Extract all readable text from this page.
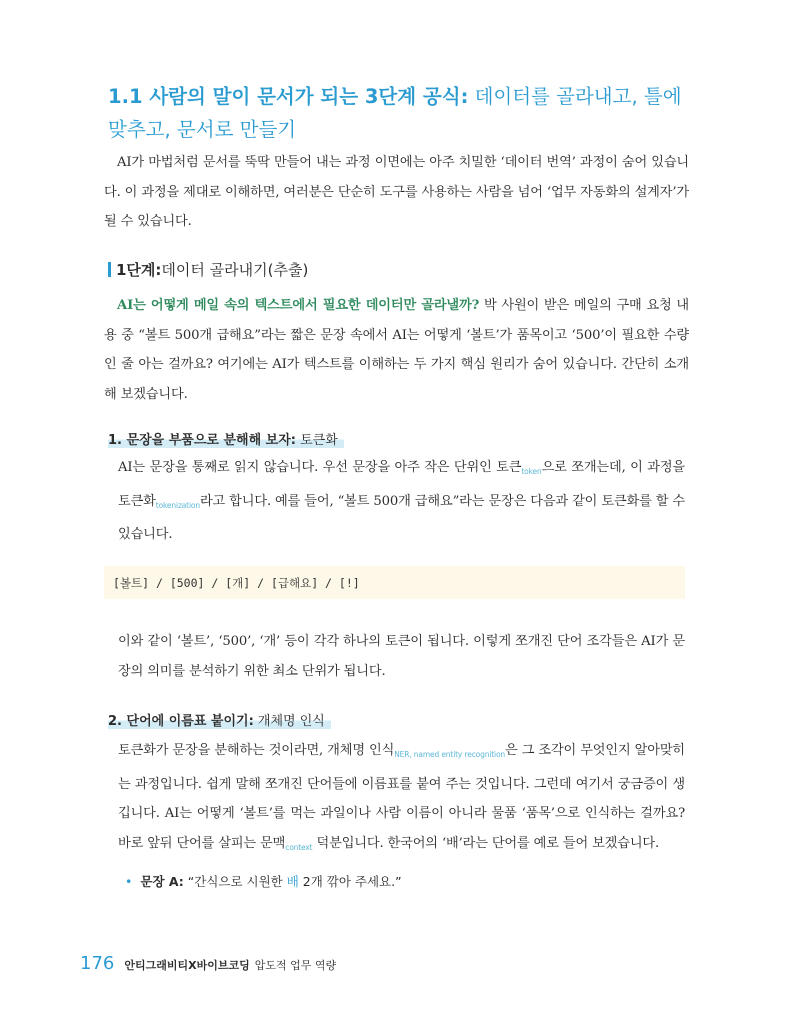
1.1 사람의 말이 문서가 되는 3단계 공식: 데이터를 골라내고, 틀에 맞추고, 문서로 만들기
AI가 마법처럼 문서를 뚝딱 만들어 내는 과정 이면에는 아주 치밀한 ‘데이터 번역’ 과정이 숨어 있습니다. 이 과정을 제대로 이해하면, 여러분은 단순히 도구를 사용하는 사람을 넘어 ‘업무 자동화의 설계자’가 될 수 있습니다.
1단계: 데이터 골라내기(추출)
AI는 어떻게 메일 속의 텍스트에서 필요한 데이터만 골라낼까? 박 사원이 받은 메일의 구매 요청 내용 중 “볼트 500개 급해요”라는 짧은 문장 속에서 AI는 어떻게 ‘볼트’가 품목이고 ‘500’이 필요한 수량인 줄 아는 걸까요? 여기에는 AI가 텍스트를 이해하는 두 가지 핵심 원리가 숨어 있습니다. 간단히 소개해 보겠습니다.
1. 문장을 부품으로 분해해 보자: 토큰화
AI는 문장을 통째로 읽지 않습니다. 우선 문장을 아주 작은 단위인 토큰$_{token}$으로 쪼개는데, 이 과정을 토큰화$_{tokenization}$라고 합니다. 예를 들어, “볼트 500개 급해요”라는 문장은 다음과 같이 토큰화를 할 수 있습니다.
[볼트] / [500] / [개] / [급해요] / [!]
이와 같이 ‘볼트’, ‘500’, ‘개’ 등이 각각 하나의 토큰이 됩니다. 이렇게 쪼개진 단어 조각들은 AI가 문장의 의미를 분석하기 위한 최소 단위가 됩니다.
2. 단어에 이름표 붙이기: 개체명 인식
토큰화가 문장을 분해하는 것이라면, 개체명 인식$_{NER, named entity recognition}$은 그 조각이 무엇인지 알아맞히는 과정입니다. 쉽게 말해 쪼개진 단어들에 이름표를 붙여 주는 것입니다. 그런데 여기서 궁금증이 생깁니다. AI는 어떻게 ‘볼트’를 먹는 과일이나 사람 이름이 아니라 물품 ‘품목’으로 인식하는 걸까요? 바로 앞뒤 단어를 살피는 문맥$_{context}$ 덕분입니다. 한국어의 ‘배’라는 단어를 예로 들어 보겠습니다.
• 문장 A: “간식으로 시원한 배 2개 깎아 주세요.”
176 안티그래비티X바이브코딩 압도적 업무 역량
